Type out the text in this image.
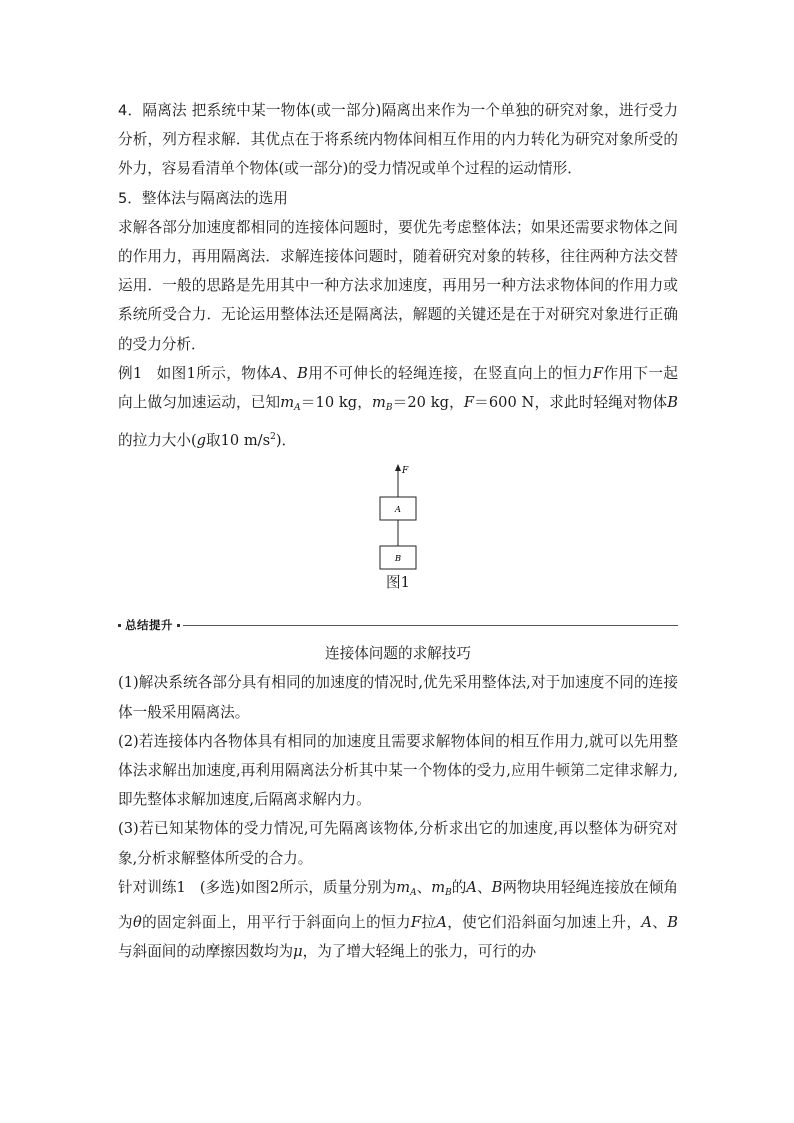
4．隔离法 把系统中某一物体(或一部分)隔离出来作为一个单独的研究对象，进行受力分析，列方程求解．其优点在于将系统内物体间相互作用的内力转化为研究对象所受的外力，容易看清单个物体(或一部分)的受力情况或单个过程的运动情形．

5．整体法与隔离法的选用

求解各部分加速度都相同的连接体问题时，要优先考虑整体法；如果还需要求物体之间的作用力，再用隔离法．求解连接体问题时，随着研究对象的转移，往往两种方法交替运用．一般的思路是先用其中一种方法求加速度，再用另一种方法求物体间的作用力或系统所受合力．无论运用整体法还是隔离法，解题的关键还是在于对研究对象进行正确的受力分析．

例1 如图1所示，物体A、B用不可伸长的轻绳连接，在竖直向上的恒力F作用下一起向上做匀加速运动，已知$m_A=10$ kg，$m_B=20$ kg，F＝600 N，求此时轻绳对物体B的拉力大小(g取10 $m/s^2$)．

F
A
B
图1
总结提升
连接体问题的求解技巧

(1)解决系统各部分具有相同的加速度的情况时,优先采用整体法,对于加速度不同的连接体一般采用隔离法。

(2)若连接体内各物体具有相同的加速度且需要求解物体间的相互作用力,就可以先用整体法求解出加速度,再利用隔离法分析其中某一个物体的受力,应用牛顿第二定律求解力,即先整体求解加速度,后隔离求解内力。

(3)若已知某物体的受力情况,可先隔离该物体,分析求出它的加速度,再以整体为研究对象,分析求解整体所受的合力。

针对训练1 (多选)如图2所示，质量分别为$m_A$、$m_B$的A、B两物块用轻绳连接放在倾角为θ的固定斜面上，用平行于斜面向上的恒力F拉A，使它们沿斜面匀加速上升，A、B与斜面间的动摩擦因数均为μ，为了增大轻绳上的张力，可行的办
